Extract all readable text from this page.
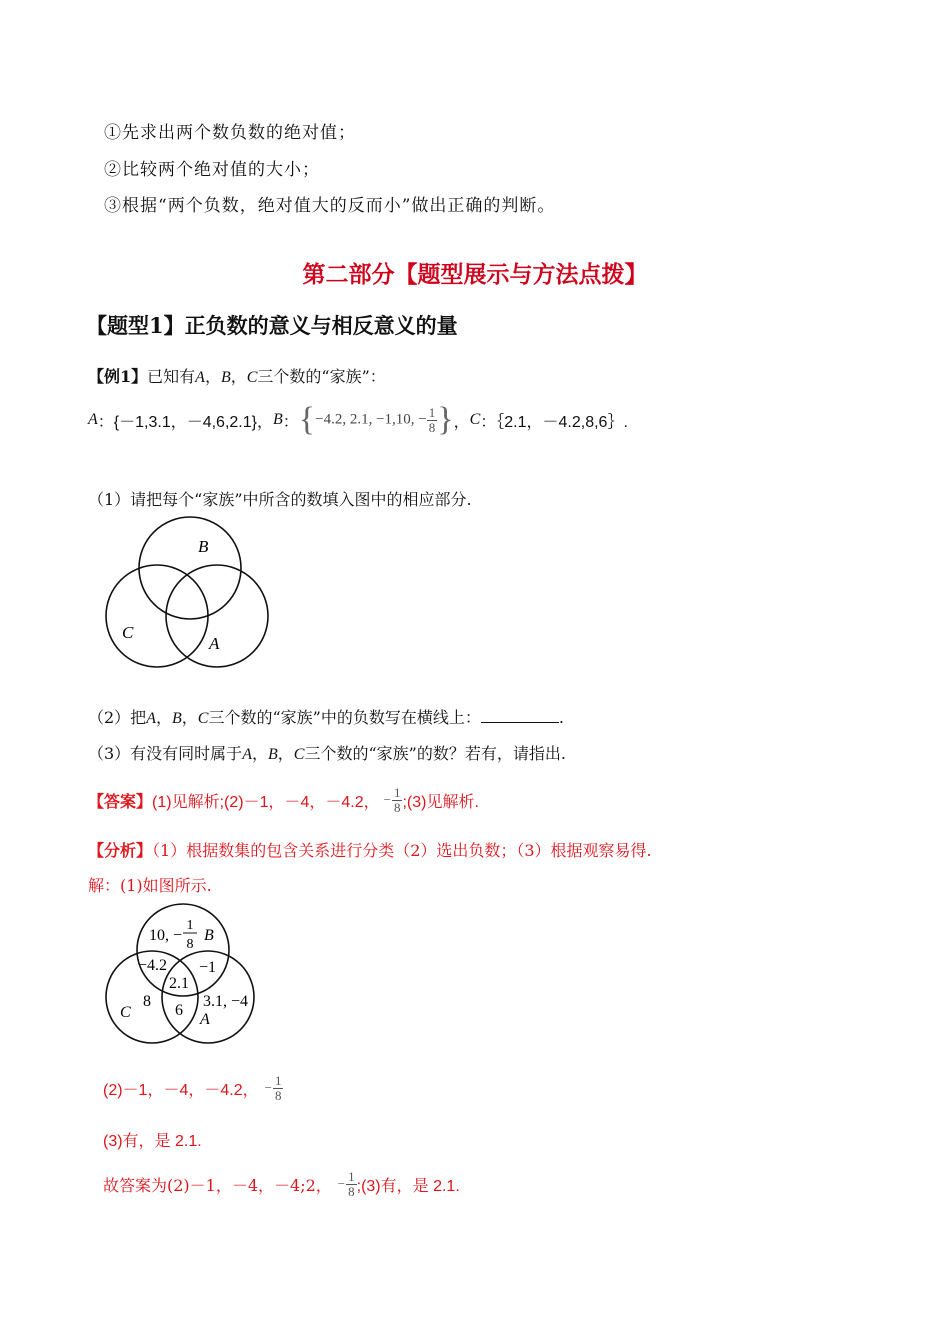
①先求出两个数负数的绝对值；
②比较两个绝对值的大小；
③根据“两个负数，绝对值大的反而小”做出正确的判断。
第二部分【题型展示与方法点拨】
【题型1】正负数的意义与相反意义的量
【例1】已知有A，B，C三个数的“家族”：
A ：{－1,3.1，－4,6,2.1}， B ： {−4.2, 2.1, −1,10, − $\frac{1}{8}$ } ， C ：｛2.1，－4.2,8,6｝.
（1）请把每个“家族”中所含的数填入图中的相应部分.
B
C
A
（2）把A，B，C三个数的“家族”中的负数写在横线上：	.
（3）有没有同时属于A，B，C三个数的“家族”的数？若有，请指出.
【答案】 (1)见解析;(2)－1，－4，－4.2， − $\frac{1}{8}$ ;(3)见解析.
【分析】（1）根据数集的包含关系进行分类（2）选出负数；（3）根据观察易得.
解：(1)如图所示.
10, −
1
8
B
−4.2 −1
2.1
8
C	6
3.1, −4
A
(2)－1，－4，－4.2， − $\frac{1}{8}$
(3)有，是 2.1.
故答案为(2)－1，－4，－4;2， − $\frac{1}{8}$ ;(3)有，是 2.1.
